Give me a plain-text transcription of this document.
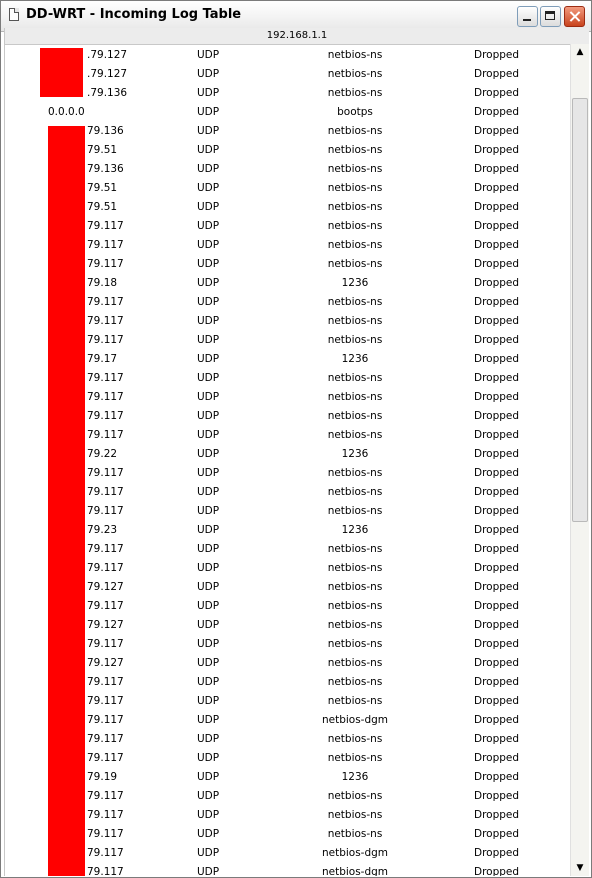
DD-WRT - Incoming Log Table
192.168.1.1
.79.127	UDP	netbios-ns	Dropped
.79.127	UDP	netbios-ns	Dropped
.79.136	UDP	netbios-ns	Dropped
0.0.0.0	UDP	bootps	Dropped
79.136	UDP	netbios-ns	Dropped
79.51	UDP	netbios-ns	Dropped
79.136	UDP	netbios-ns	Dropped
79.51	UDP	netbios-ns	Dropped
79.51	UDP	netbios-ns	Dropped
79.117	UDP	netbios-ns	Dropped
79.117	UDP	netbios-ns	Dropped
79.117	UDP	netbios-ns	Dropped
79.18	UDP	1236	Dropped
79.117	UDP	netbios-ns	Dropped
79.117	UDP	netbios-ns	Dropped
79.117	UDP	netbios-ns	Dropped
79.17	UDP	1236	Dropped
79.117	UDP	netbios-ns	Dropped
79.117	UDP	netbios-ns	Dropped
79.117	UDP	netbios-ns	Dropped
79.117	UDP	netbios-ns	Dropped
79.22	UDP	1236	Dropped
79.117	UDP	netbios-ns	Dropped
79.117	UDP	netbios-ns	Dropped
79.117	UDP	netbios-ns	Dropped
79.23	UDP	1236	Dropped
79.117	UDP	netbios-ns	Dropped
79.117	UDP	netbios-ns	Dropped
79.127	UDP	netbios-ns	Dropped
79.117	UDP	netbios-ns	Dropped
79.127	UDP	netbios-ns	Dropped
79.117	UDP	netbios-ns	Dropped
79.127	UDP	netbios-ns	Dropped
79.117	UDP	netbios-ns	Dropped
79.117	UDP	netbios-ns	Dropped
79.117	UDP	netbios-dgm	Dropped
79.117	UDP	netbios-ns	Dropped
79.117	UDP	netbios-ns	Dropped
79.19	UDP	1236	Dropped
79.117	UDP	netbios-ns	Dropped
79.117	UDP	netbios-ns	Dropped
79.117	UDP	netbios-ns	Dropped
79.117	UDP	netbios-dgm	Dropped
79.117	UDP	netbios-dgm	Dropped
▲
▼
